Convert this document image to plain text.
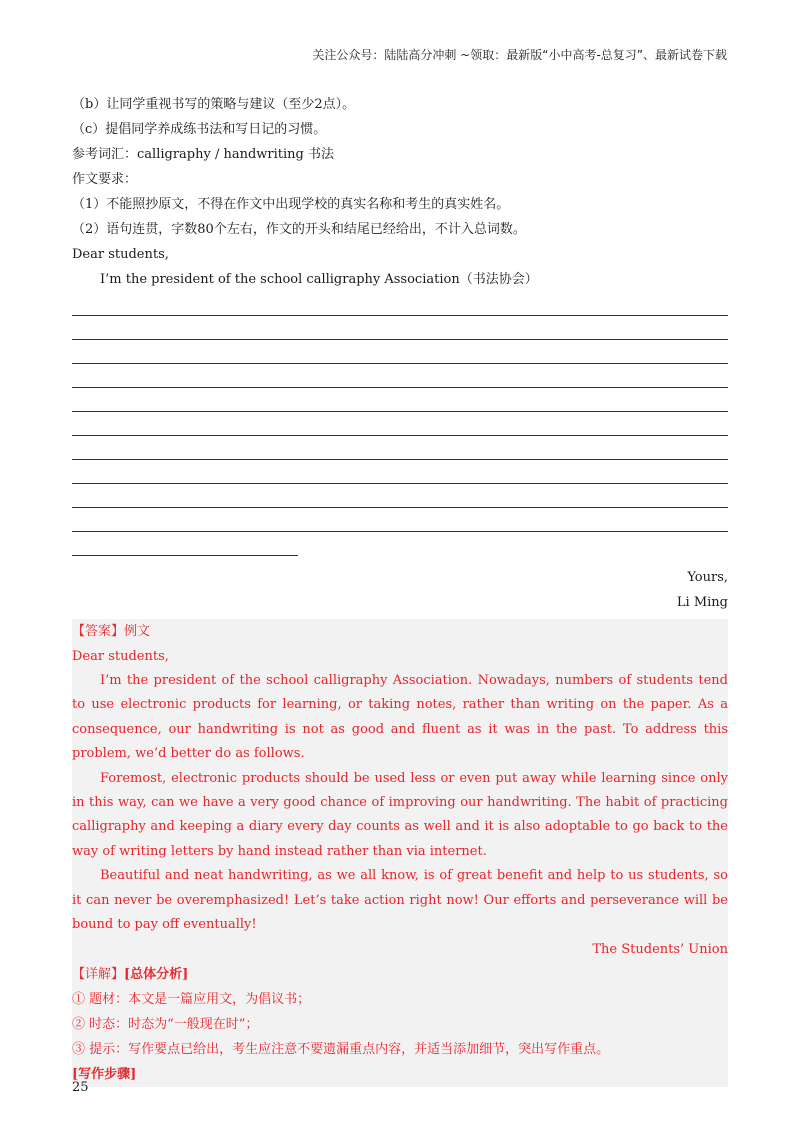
关注公众号：陆陆高分冲刺 ~领取：最新版“小中高考-总复习”、最新试卷下载
（b）让同学重视书写的策略与建议（至少2点）。
（c）提倡同学养成练书法和写日记的习惯。
参考词汇：calligraphy / handwriting 书法
作文要求：
（1）不能照抄原文，不得在作文中出现学校的真实名称和考生的真实姓名。
（2）语句连贯，字数80个左右，作文的开头和结尾已经给出，不计入总词数。
Dear students,
I’m the president of the school calligraphy Association（书法协会）
Yours,
Li Ming
【答案】例文
Dear students,

I’m the president of the school calligraphy Association. Nowadays, numbers of students tend to use electronic products for learning, or taking notes, rather than writing on the paper. As a consequence, our handwriting is not as good and fluent as it was in the past. To address this problem, we’d better do as follows.

Foremost, electronic products should be used less or even put away while learning since only in this way, can we have a very good chance of improving our handwriting. The habit of practicing calligraphy and keeping a diary every day counts as well and it is also adoptable to go back to the way of writing letters by hand instead rather than via internet.

Beautiful and neat handwriting, as we all know, is of great benefit and help to us students, so it can never be overemphasized! Let’s take action right now! Our efforts and perseverance will be bound to pay off eventually!

The Students’ Union
【详解】[总体分析]
① 题材：本文是一篇应用文，为倡议书；
② 时态：时态为“一般现在时”；
③ 提示：写作要点已给出，考生应注意不要遗漏重点内容，并适当添加细节，突出写作重点。
[写作步骤]
25
